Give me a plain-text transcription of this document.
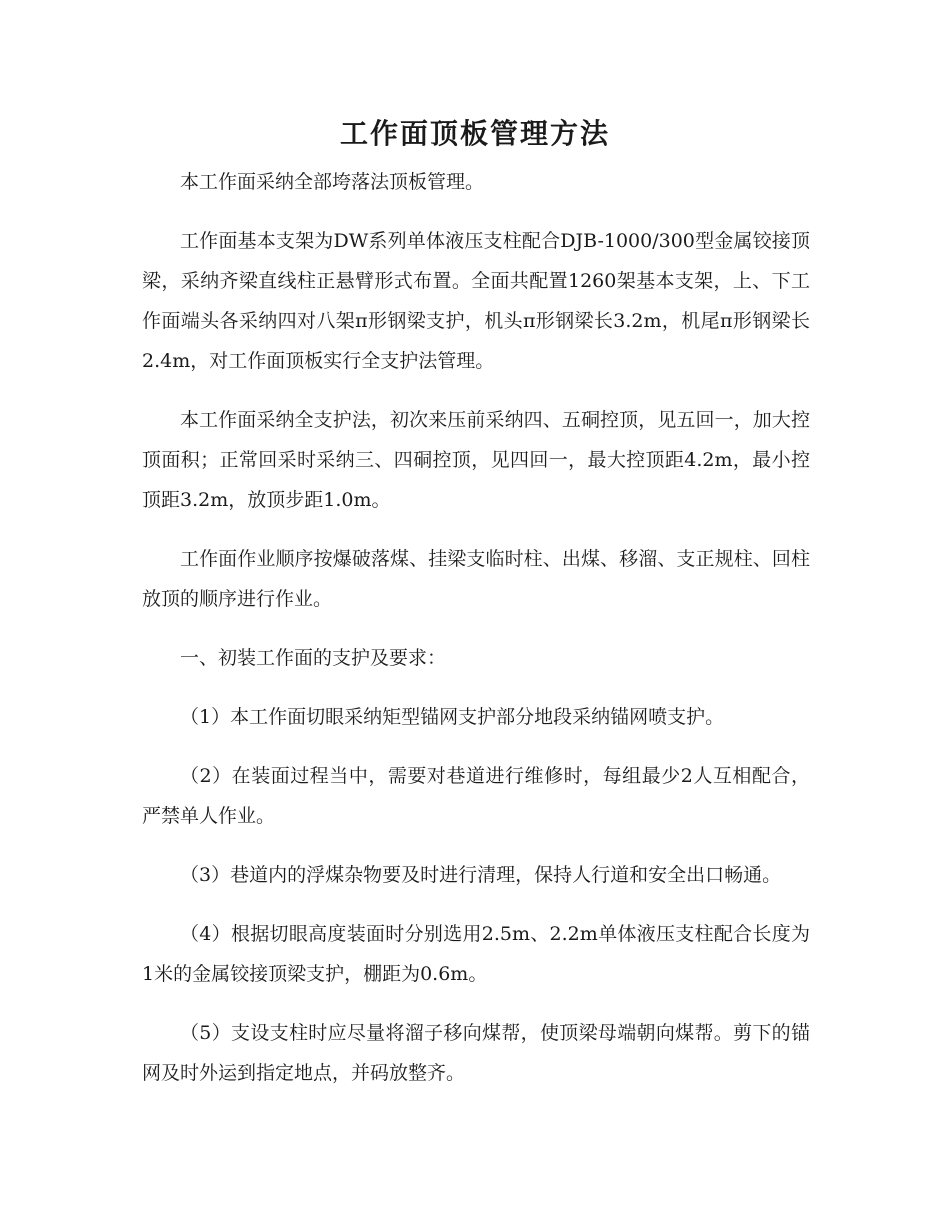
工作面顶板管理方法

本工作面采纳全部垮落法顶板管理。

工作面基本支架为DW系列单体液压支柱配合DJB-1000/300型金属铰接顶梁，采纳齐梁直线柱正悬臂形式布置。全面共配置1260架基本支架，上、下工作面端头各采纳四对八架π形钢梁支护，机头π形钢梁长3.2m，机尾π形钢梁长2.4m，对工作面顶板实行全支护法管理。

本工作面采纳全支护法，初次来压前采纳四、五硐控顶，见五回一，加大控顶面积；正常回采时采纳三、四硐控顶，见四回一，最大控顶距4.2m，最小控顶距3.2m，放顶步距1.0m。

工作面作业顺序按爆破落煤、挂梁支临时柱、出煤、移溜、支正规柱、回柱放顶的顺序进行作业。

一、初装工作面的支护及要求：

（1）本工作面切眼采纳矩型锚网支护部分地段采纳锚网喷支护。

（2）在装面过程当中，需要对巷道进行维修时，每组最少2人互相配合，严禁单人作业。

（3）巷道内的浮煤杂物要及时进行清理，保持人行道和安全出口畅通。

（4）根据切眼高度装面时分别选用2.5m、2.2m单体液压支柱配合长度为1米的金属铰接顶梁支护，棚距为0.6m。

（5）支设支柱时应尽量将溜子移向煤帮，使顶梁母端朝向煤帮。剪下的锚网及时外运到指定地点，并码放整齐。
